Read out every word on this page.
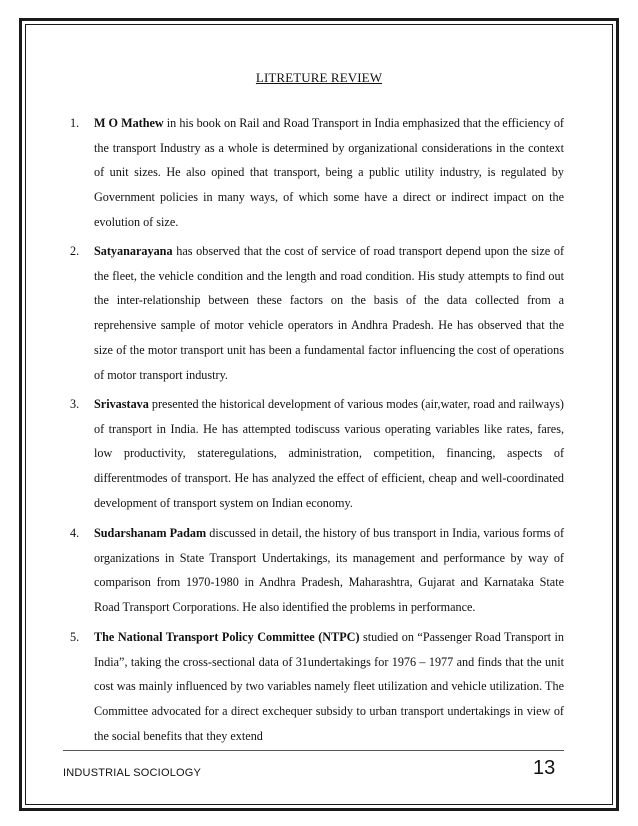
LITRETURE REVIEW
1. M O Mathew in his book on Rail and Road Transport in India emphasized that the efficiency of the transport Industry as a whole is determined by organizational considerations in the context of unit sizes. He also opined that transport, being a public utility industry, is regulated by Government policies in many ways, of which some have a direct or indirect impact on the evolution of size.
2. Satyanarayana has observed that the cost of service of road transport depend upon the size of the fleet, the vehicle condition and the length and road condition. His study attempts to find out the inter-relationship between these factors on the basis of the data collected from a reprehensive sample of motor vehicle operators in Andhra Pradesh. He has observed that the size of the motor transport unit has been a fundamental factor influencing the cost of operations of motor transport industry.
3. Srivastava presented the historical development of various modes (air,water, road and railways) of transport in India. He has attempted todiscuss various operating variables like rates, fares, low productivity, stateregulations, administration, competition, financing, aspects of differentmodes of transport. He has analyzed the effect of efficient, cheap and well-coordinated development of transport system on Indian economy.
4. Sudarshanam Padam discussed in detail, the history of bus transport in India, various forms of organizations in State Transport Undertakings, its management and performance by way of comparison from 1970-1980 in Andhra Pradesh, Maharashtra, Gujarat and Karnataka State Road Transport Corporations. He also identified the problems in performance.
5. The National Transport Policy Committee (NTPC) studied on “Passenger Road Transport in India”, taking the cross-sectional data of 31undertakings for 1976 – 1977 and finds that the unit cost was mainly influenced by two variables namely fleet utilization and vehicle utilization. The Committee advocated for a direct exchequer subsidy to urban transport undertakings in view of the social benefits that they extend
INDUSTRIAL SOCIOLOGY	13
